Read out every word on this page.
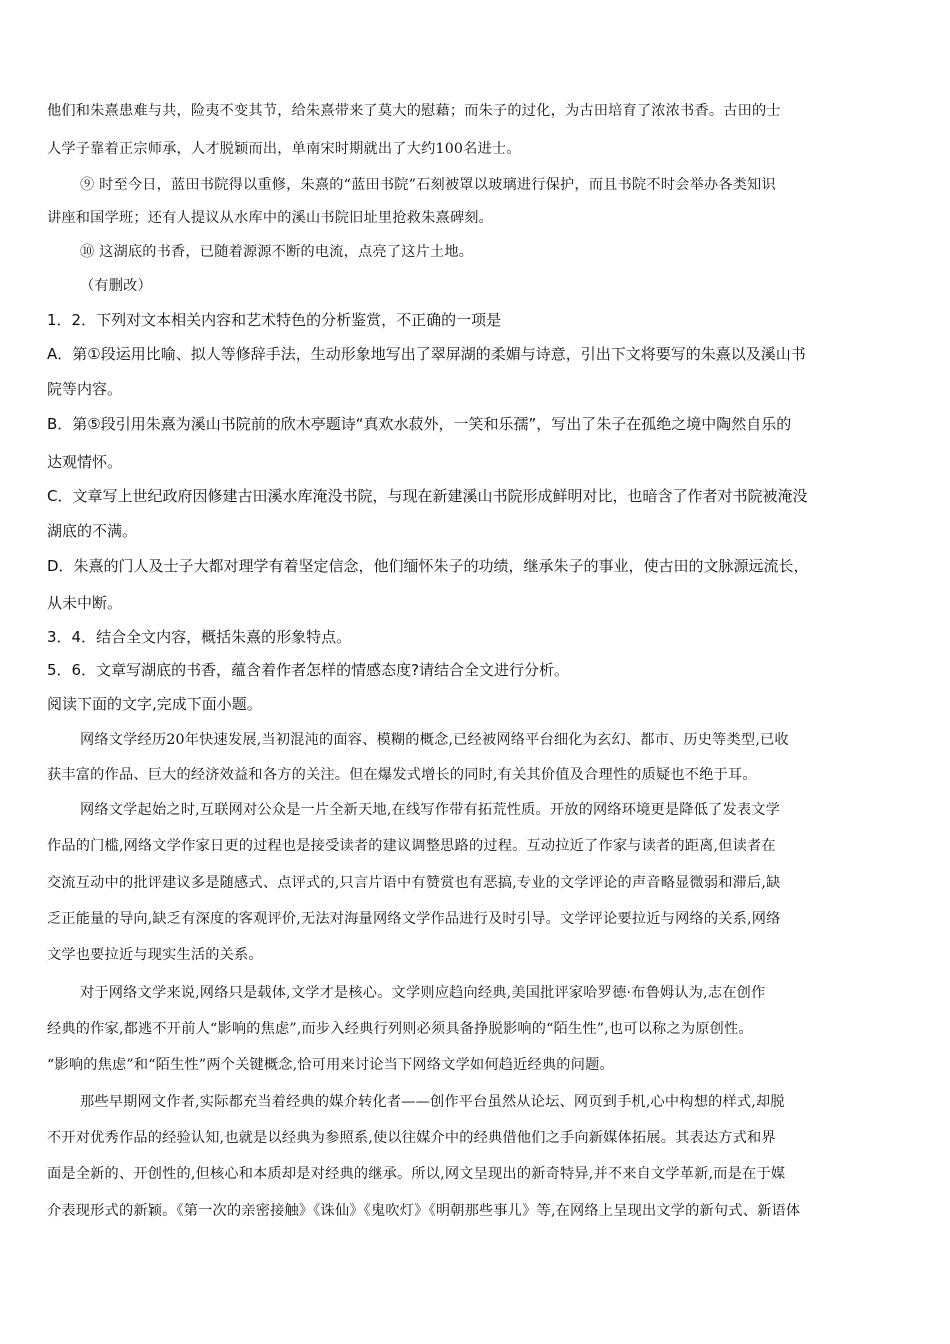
他们和朱熹患难与共，险夷不变其节，给朱熹带来了莫大的慰藉；而朱子的过化，为古田培育了浓浓书香。古田的士
人学子靠着正宗师承，人才脱颖而出，单南宋时期就出了大约100名进士。
⑨ 时至今日，蓝田书院得以重修，朱熹的“蓝田书院”石刻被罩以玻璃进行保护，而且书院不时会举办各类知识
讲座和国学班；还有人提议从水库中的溪山书院旧址里抢救朱熹碑刻。
⑩ 这湖底的书香，已随着源源不断的电流，点亮了这片土地。
（有删改）
1．2．下列对文本相关内容和艺术特色的分析鉴赏，不正确的一项是
A．第①段运用比喻、拟人等修辞手法，生动形象地写出了翠屏湖的柔媚与诗意，引出下文将要写的朱熹以及溪山书
院等内容。
B．第⑤段引用朱熹为溪山书院前的欣木亭题诗“真欢水菽外，一笑和乐孺”，写出了朱子在孤绝之境中陶然自乐的
达观情怀。
C．文章写上世纪政府因修建古田溪水库淹没书院，与现在新建溪山书院形成鲜明对比，也暗含了作者对书院被淹没
湖底的不满。
D．朱熹的门人及士子大都对理学有着坚定信念，他们缅怀朱子的功绩，继承朱子的事业，使古田的文脉源远流长，
从未中断。
3．4．结合全文内容，概括朱熹的形象特点。
5．6．文章写湖底的书香，蕴含着作者怎样的情感态度?请结合全文进行分析。
阅读下面的文字,完成下面小题。
网络文学经历20年快速发展,当初混沌的面容、模糊的概念,已经被网络平台细化为玄幻、都市、历史等类型,已收
获丰富的作品、巨大的经济效益和各方的关注。但在爆发式增长的同时,有关其价值及合理性的质疑也不绝于耳。
网络文学起始之时,互联网对公众是一片全新天地,在线写作带有拓荒性质。开放的网络环境更是降低了发表文学
作品的门槛,网络文学作家日更的过程也是接受读者的建议调整思路的过程。互动拉近了作家与读者的距离,但读者在
交流互动中的批评建议多是随感式、点评式的,只言片语中有赞赏也有恶搞,专业的文学评论的声音略显微弱和滞后,缺
乏正能量的导向,缺乏有深度的客观评价,无法对海量网络文学作品进行及时引导。文学评论要拉近与网络的关系,网络
文学也要拉近与现实生活的关系。
对于网络文学来说,网络只是载体,文学才是核心。文学则应趋向经典,美国批评家哈罗德·布鲁姆认为,志在创作
经典的作家,都逃不开前人“影响的焦虑”,而步入经典行列则必须具备挣脱影响的“陌生性”,也可以称之为原创性。
“影响的焦虑”和“陌生性”两个关键概念,恰可用来讨论当下网络文学如何趋近经典的问题。
那些早期网文作者,实际都充当着经典的媒介转化者——创作平台虽然从论坛、网页到手机,心中构想的样式,却脱
不开对优秀作品的经验认知,也就是以经典为参照系,使以往媒介中的经典借他们之手向新媒体拓展。其表达方式和界
面是全新的、开创性的,但核心和本质却是对经典的继承。所以,网文呈现出的新奇特异,并不来自文学革新,而是在于媒
介表现形式的新颖。《第一次的亲密接触》《诛仙》《鬼吹灯》《明朝那些事儿》等,在网络上呈现出文学的新句式、新语体
